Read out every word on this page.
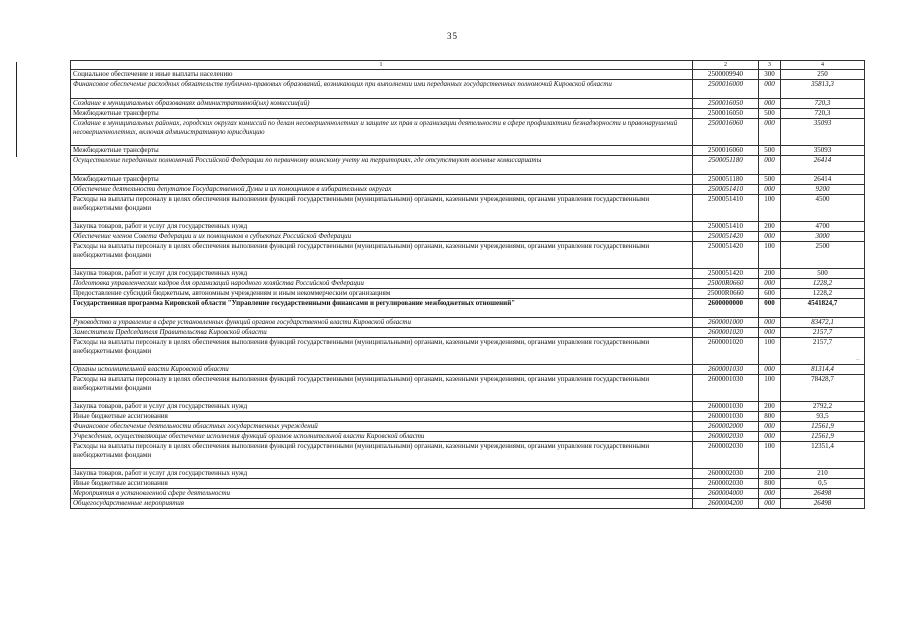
35
–
1	2	3	4
Социальное обеспечение и иные выплаты населению	2500009940	300	250
Финансовое обеспечение расходных обязательств публично-правовых образований, возникающих при выполнении ими переданных государственных полномочий Кировской области	2500016000	000	35813,3
Создание в муниципальных образованиях административной(ых) комиссии(ий)	2500016050	000	720,3
Межбюджетные трансферты	2500016050	500	720,3
Создание в муниципальных районах, городских округах комиссий по делам несовершеннолетних и защите их прав и организации деятельности в сфере профилактики безнадзорности и правонарушений несовершеннолетних, включая административную юрисдикцию	2500016060	000	35093
Межбюджетные трансферты	2500016060	500	35093
Осуществление переданных полномочий Российской Федерации по первичному воинскому учету на территориях, где отсутствуют военные комиссариаты	2500051180	000	26414
Межбюджетные трансферты	2500051180	500	26414
Обеспечение деятельности депутатов Государственной Думы и их помощников в избирательных округах	2500051410	000	9200
Расходы на выплаты персоналу в целях обеспечения выполнения функций государственными (муниципальными) органами, казенными учреждениями, органами управления государственными внебюджетными фондами	2500051410	100	4500
Закупка товаров, работ и услуг для государственных нужд	2500051410	200	4700
Обеспечение членов Совета Федерации и их помощников в субъектах Российской Федерации	2500051420	000	3000
Расходы на выплаты персоналу в целях обеспечения выполнения функций государственными (муниципальными) органами, казенными учреждениями, органами управления государственными внебюджетными фондами	2500051420	100	2500
Закупка товаров, работ и услуг для государственных нужд	2500051420	200	500
Подготовка управленческих кадров для организаций народного хозяйства Российской Федерации	25000R0660	000	1228,2
Предоставление субсидий бюджетным, автономным учреждениям и иным некоммерческим организациям	25000R0660	600	1228,2
Государственная программа Кировской области "Управление государственными финансами и регулирование межбюджетных отношений"	2600000000	000	4541824,7
Руководство и управление в сфере установленных функций органов государственной власти Кировской области	2600001000	000	83472,1
Заместители Председателя Правительства Кировской области	2600001020	000	2157,7
Расходы на выплаты персоналу в целях обеспечения выполнения функций государственными (муниципальными) органами, казенными учреждениями, органами управления государственными внебюджетными фондами	2600001020	100	2157,7
Органы исполнительной власти Кировской области	2600001030	000	81314,4
Расходы на выплаты персоналу в целях обеспечения выполнения функций государственными (муниципальными) органами, казенными учреждениями, органами управления государственными внебюджетными фондами	2600001030	100	78428,7
Закупка товаров, работ и услуг для государственных нужд	2600001030	200	2792,2
Иные бюджетные ассигнования	2600001030	800	93,5
Финансовое обеспечение деятельности областных государственных учреждений	2600002000	000	12561,9
Учреждения, осуществляющие обеспечение исполнения функций органов исполнительной власти Кировской области	2600002030	000	12561,9
Расходы на выплаты персоналу в целях обеспечения выполнения функций государственными (муниципальными) органами, казенными учреждениями, органами управления государственными внебюджетными фондами	2600002030	100	12351,4
Закупка товаров, работ и услуг для государственных нужд	2600002030	200	210
Иные бюджетные ассигнования	2600002030	800	0,5
Мероприятия в установленной сфере деятельности	2600004000	000	26498
Общегосударственные мероприятия	2600004200	000	26498
